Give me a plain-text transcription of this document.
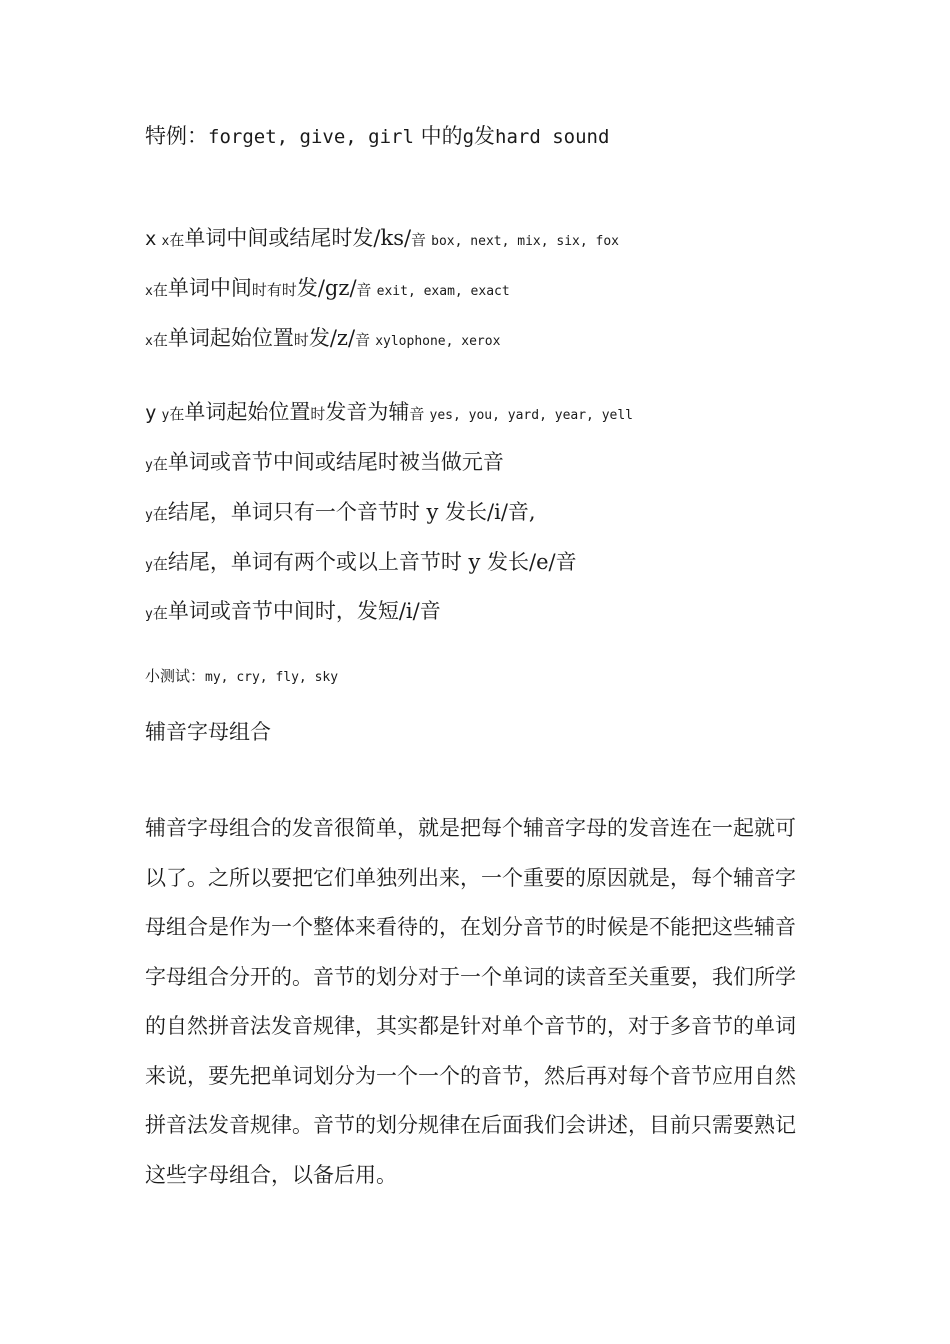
特例：forget, give, girl 中的g发hard sound
x x在单词中间或结尾时发/ks/音 box, next, mix, six, fox
x在单词中间时有时发/gz/音 exit, exam, exact
x在单词起始位置时发/z/音 xylophone, xerox
y y在单词起始位置时发音为辅音 yes, you, yard, year, yell
y在单词或音节中间或结尾时被当做元音
y在结尾，单词只有一个音节时 y 发长/i/音,
y在结尾，单词有两个或以上音节时 y 发长/e/音
y在单词或音节中间时，发短/i/音
小测试：my, cry, fly, sky
辅音字母组合
辅音字母组合的发音很简单，就是把每个辅音字母的发音连在一起就可
以了。之所以要把它们单独列出来，一个重要的原因就是，每个辅音字
母组合是作为一个整体来看待的，在划分音节的时候是不能把这些辅音
字母组合分开的。音节的划分对于一个单词的读音至关重要，我们所学
的自然拼音法发音规律，其实都是针对单个音节的，对于多音节的单词
来说，要先把单词划分为一个一个的音节，然后再对每个音节应用自然
拼音法发音规律。音节的划分规律在后面我们会讲述，目前只需要熟记
这些字母组合，以备后用。
